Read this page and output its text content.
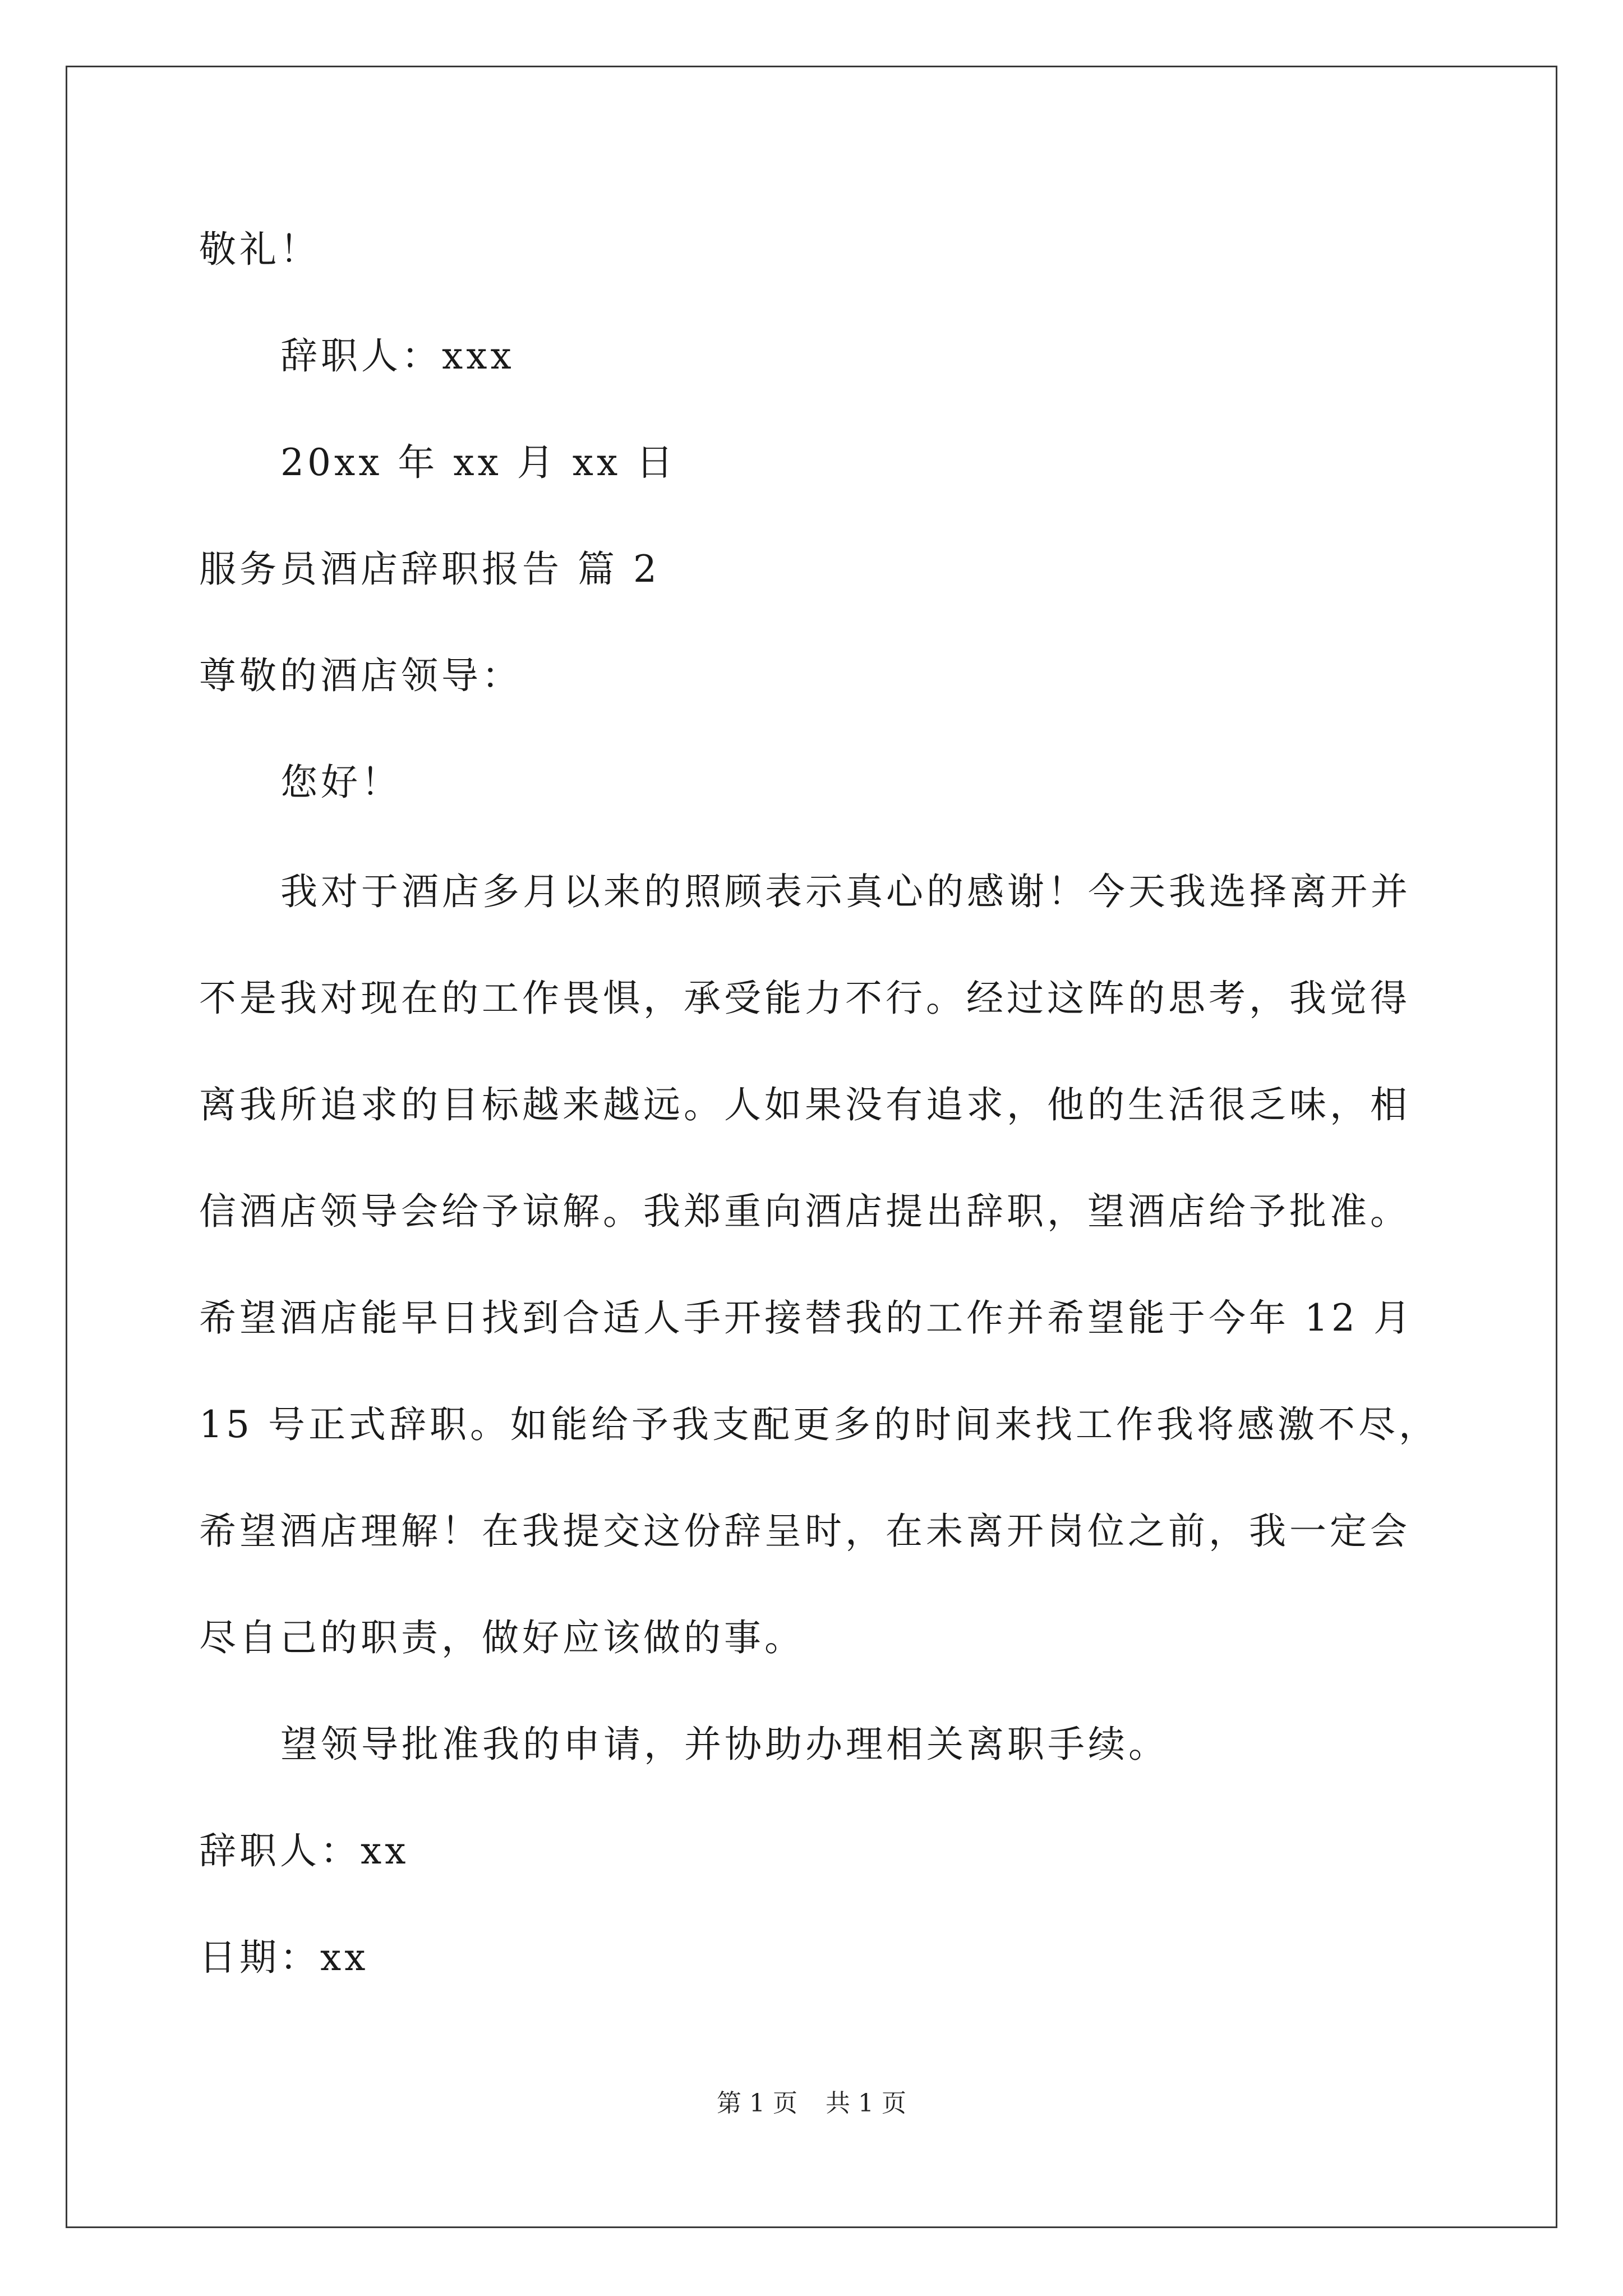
敬礼！
辞职人：xxx
20xx 年 xx 月 xx 日
服务员酒店辞职报告 篇 2
尊敬的酒店领导：
您好！
我对于酒店多月以来的照顾表示真心的感谢！今天我选择离开并
不是我对现在的工作畏惧，承受能力不行。经过这阵的思考，我觉得
离我所追求的目标越来越远。人如果没有追求，他的生活很乏味，相
信酒店领导会给予谅解。我郑重向酒店提出辞职，望酒店给予批准。
希望酒店能早日找到合适人手开接替我的工作并希望能于今年 12 月
15 号正式辞职。如能给予我支配更多的时间来找工作我将感激不尽，
希望酒店理解！在我提交这份辞呈时，在未离开岗位之前，我一定会
尽自己的职责，做好应该做的事。
望领导批准我的申请，并协助办理相关离职手续。
辞职人：xx
日期：xx
第 1 页 共 1 页
